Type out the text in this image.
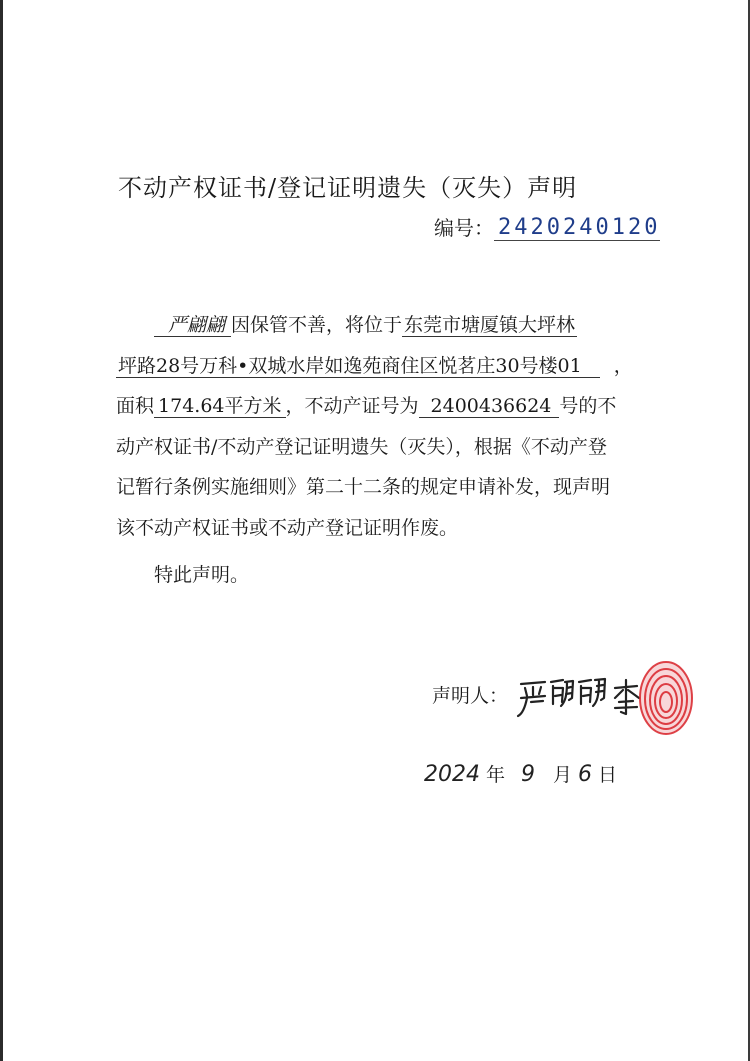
不动产权证书/登记证明遗失（灭失）声明
编号： 2420240120
严翩翩 因保管不善，将位于 东莞市塘厦镇大坪林
坪路28号万科•双城水岸如逸苑商住区悦茗庄30号楼01 ，
面积 174.64平方米 ，不动产证号为 2400436624 号的不
动产权证书/不动产登记证明遗失（灭失），根据《不动产登
记暂行条例实施细则》第二十二条的规定申请补发，现声明
该不动产权证书或不动产登记证明作废。
特此声明。
声明人：
2024 年 9 月 6 日
